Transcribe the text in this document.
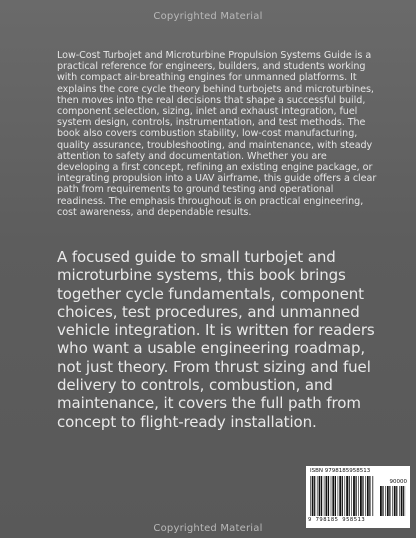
Copyrighted Material

Low-Cost Turbojet and Microturbine Propulsion Systems Guide is a practical reference for engineers, builders, and students working with compact air-breathing engines for unmanned platforms. It explains the core cycle theory behind turbojets and microturbines, then moves into the real decisions that shape a successful build, component selection, sizing, inlet and exhaust integration, fuel system design, controls, instrumentation, and test methods. The book also covers combustion stability, low-cost manufacturing, quality assurance, troubleshooting, and maintenance, with steady attention to safety and documentation. Whether you are developing a first concept, refining an existing engine package, or integrating propulsion into a UAV airframe, this guide offers a clear path from requirements to ground testing and operational readiness. The emphasis throughout is on practical engineering, cost awareness, and dependable results.

A focused guide to small turbojet and microturbine systems, this book brings together cycle fundamentals, component choices, test procedures, and unmanned vehicle integration. It is written for readers who want a usable engineering roadmap, not just theory. From thrust sizing and fuel delivery to controls, combustion, and maintenance, it covers the full path from concept to flight-ready installation.

ISBN 9798185958513
90000
9 798185 958513
Copyrighted Material
